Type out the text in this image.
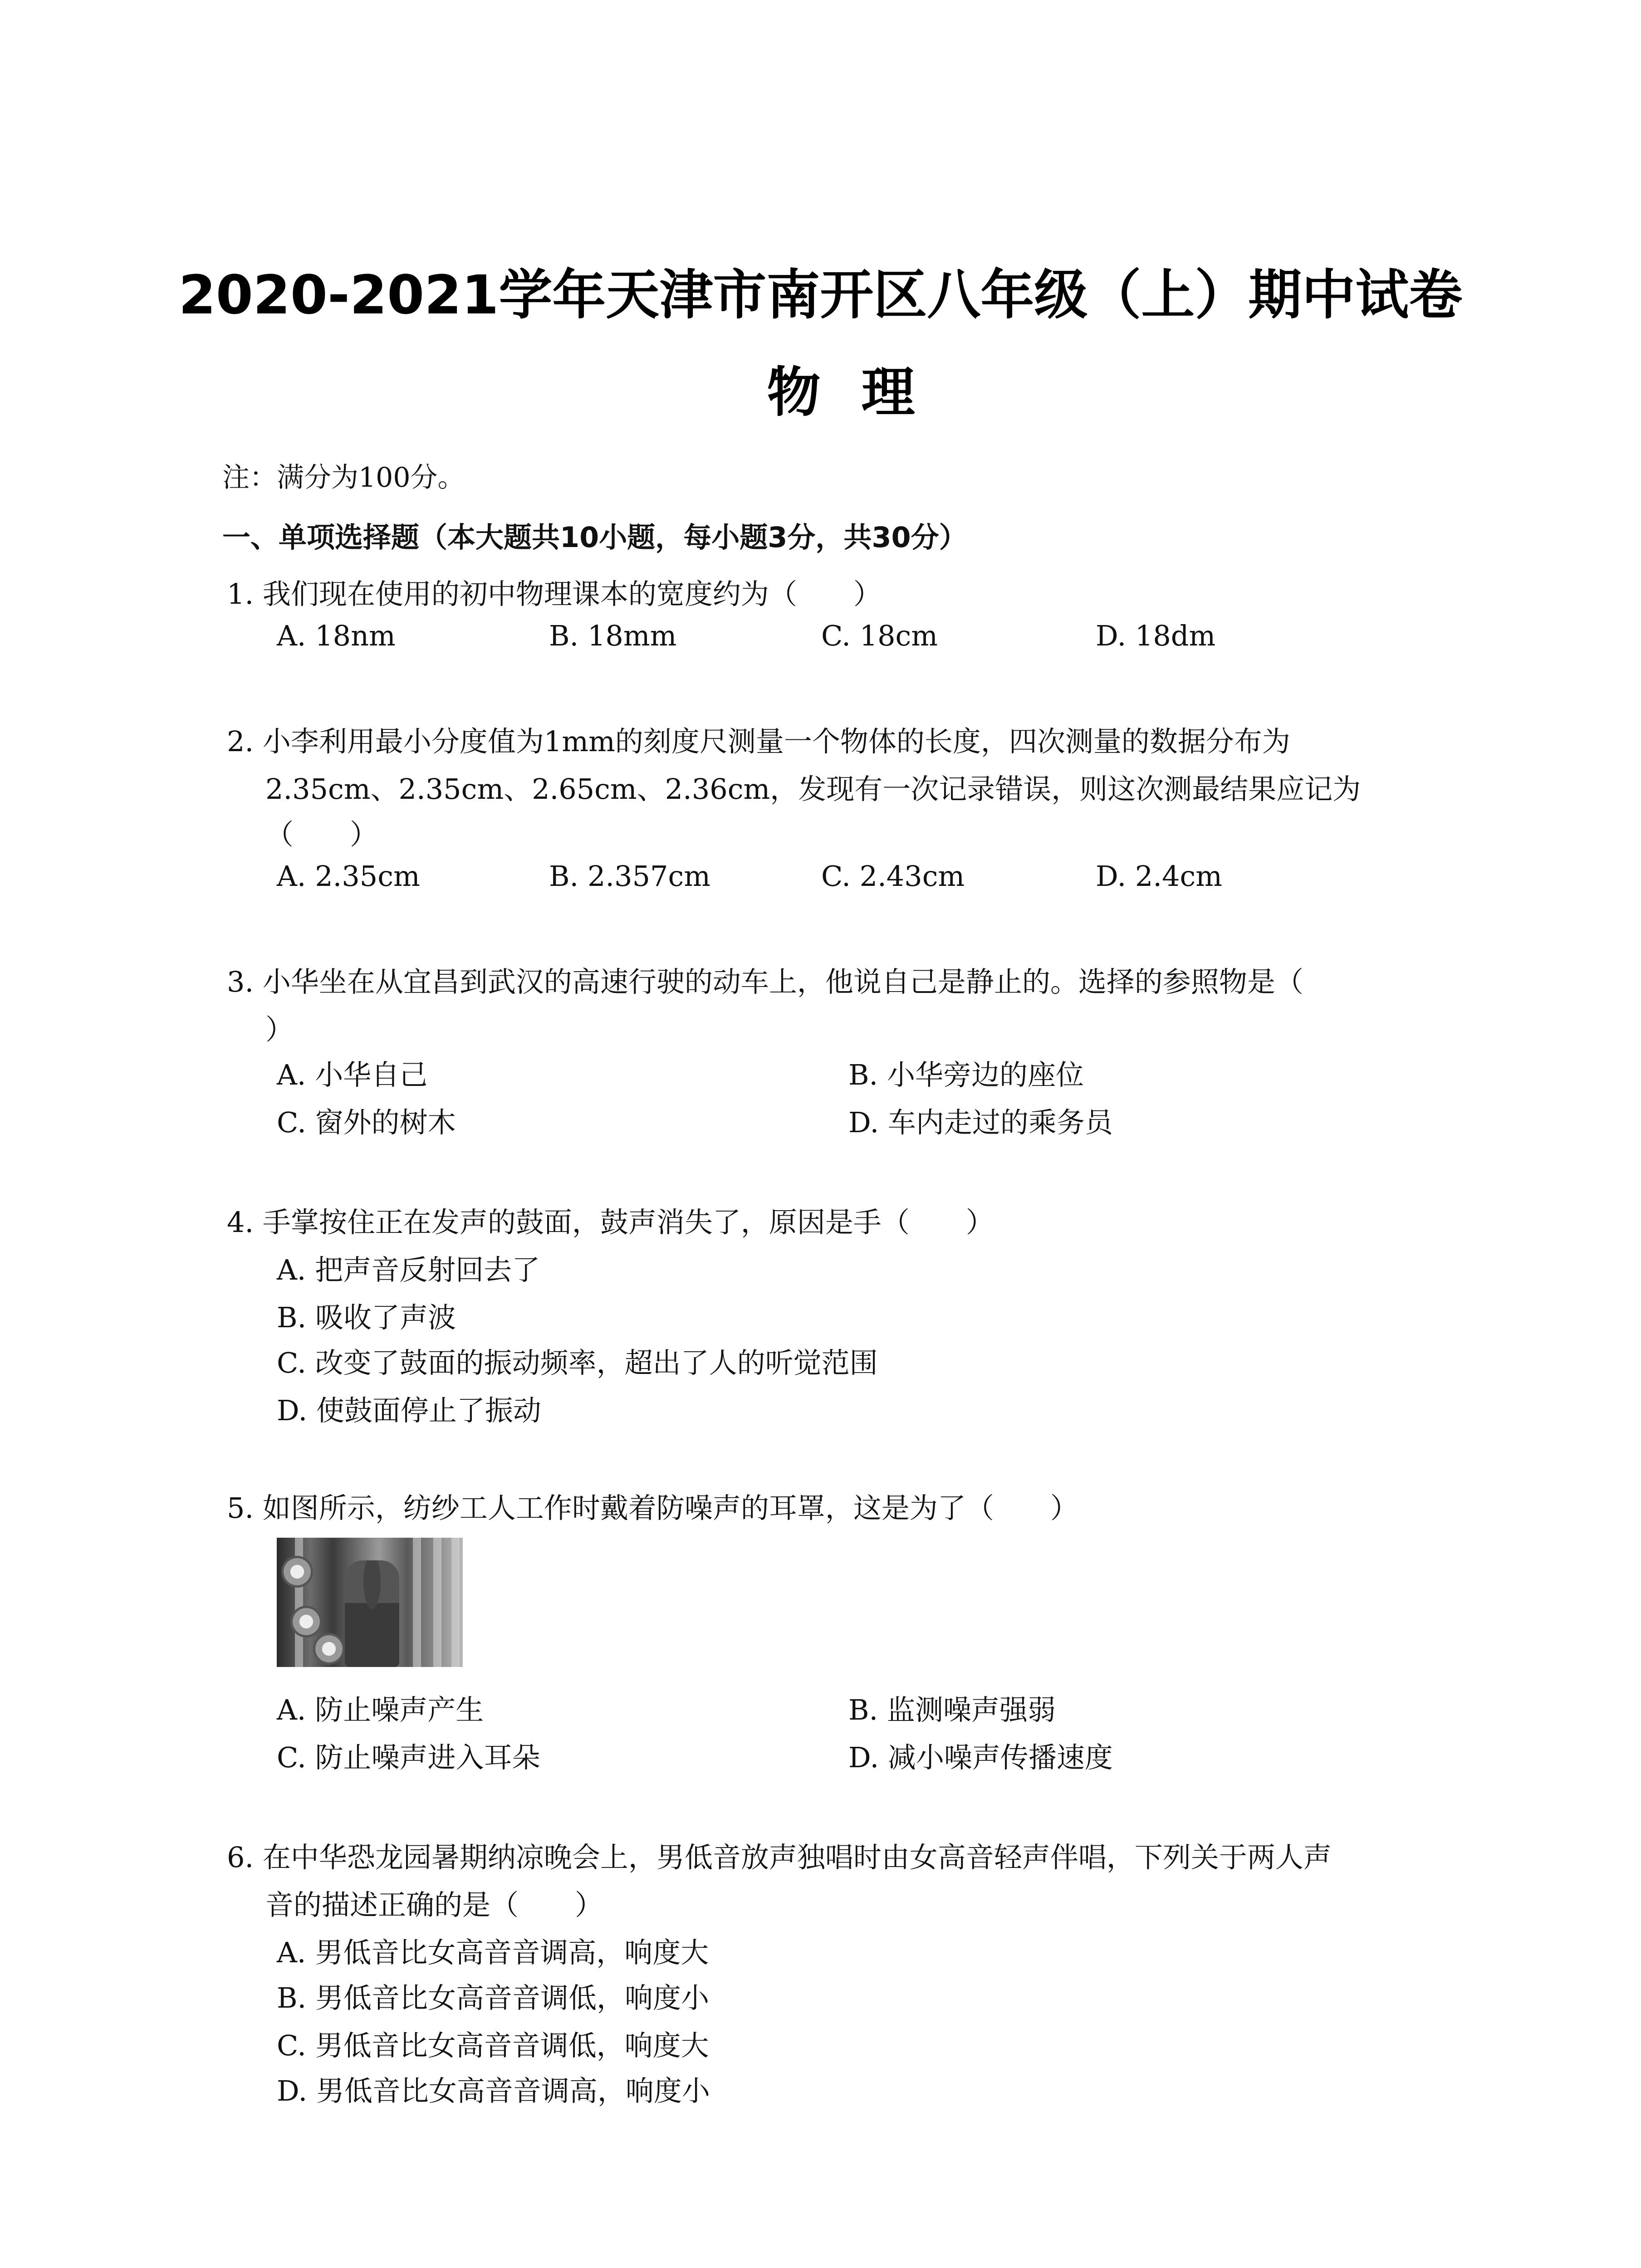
2020-2021学年天津市南开区八年级（上）期中试卷
物理
注：满分为100分。
一、单项选择题（本大题共10小题，每小题3分，共30分）
1. 我们现在使用的初中物理课本的宽度约为（　　）
A. 18nm	B. 18mm	C. 18cm	D. 18dm
2. 小李利用最小分度值为1mm的刻度尺测量一个物体的长度，四次测量的数据分布为
2.35cm、2.35cm、2.65cm、2.36cm，发现有一次记录错误，则这次测最结果应记为
（　　）
A. 2.35cm	B. 2.357cm	C. 2.43cm	D. 2.4cm
3. 小华坐在从宜昌到武汉的高速行驶的动车上，他说自己是静止的。选择的参照物是（
）
A. 小华自己	B. 小华旁边的座位
C. 窗外的树木	D. 车内走过的乘务员
4. 手掌按住正在发声的鼓面，鼓声消失了，原因是手（　　）
A. 把声音反射回去了
B. 吸收了声波
C. 改变了鼓面的振动频率，超出了人的听觉范围
D. 使鼓面停止了振动
5. 如图所示，纺纱工人工作时戴着防噪声的耳罩，这是为了（　　）
A. 防止噪声产生	B. 监测噪声强弱
C. 防止噪声进入耳朵	D. 减小噪声传播速度
6. 在中华恐龙园暑期纳凉晚会上，男低音放声独唱时由女高音轻声伴唱，下列关于两人声
音的描述正确的是（　　）
A. 男低音比女高音音调高，响度大
B. 男低音比女高音音调低，响度小
C. 男低音比女高音音调低，响度大
D. 男低音比女高音音调高，响度小
